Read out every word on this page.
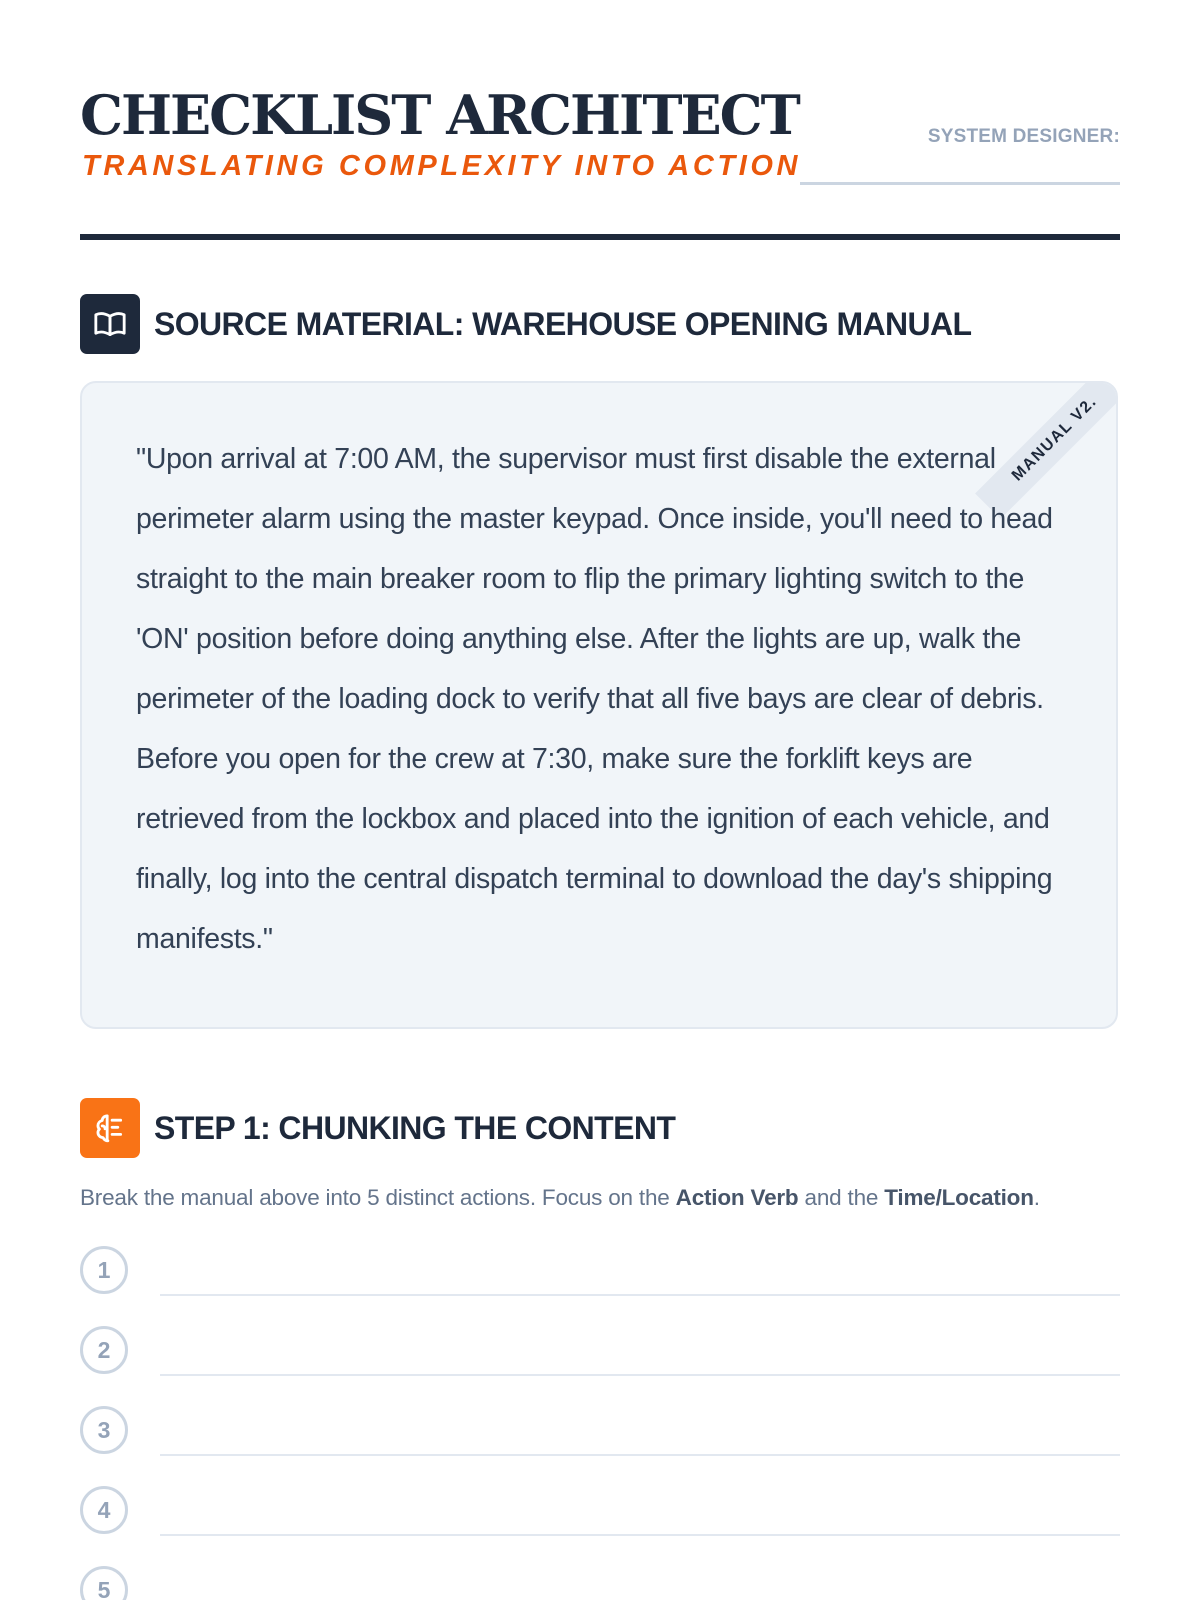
CHECKLIST ARCHITECT
TRANSLATING COMPLEXITY INTO ACTION
SYSTEM DESIGNER:
SOURCE MATERIAL: WAREHOUSE OPENING MANUAL
MANUAL V2.

"Upon arrival at 7:00 AM, the supervisor must first disable the external perimeter alarm using the master keypad. Once inside, you'll need to head straight to the main breaker room to flip the primary lighting switch to the 'ON' position before doing anything else. After the lights are up, walk the perimeter of the loading dock to verify that all five bays are clear of debris. Before you open for the crew at 7:30, make sure the forklift keys are retrieved from the lockbox and placed into the ignition of each vehicle, and finally, log into the central dispatch terminal to download the day's shipping manifests."

STEP 1: CHUNKING THE CONTENT

Break the manual above into 5 distinct actions. Focus on the Action Verb and the Time/Location.

1
2
3
4
5
